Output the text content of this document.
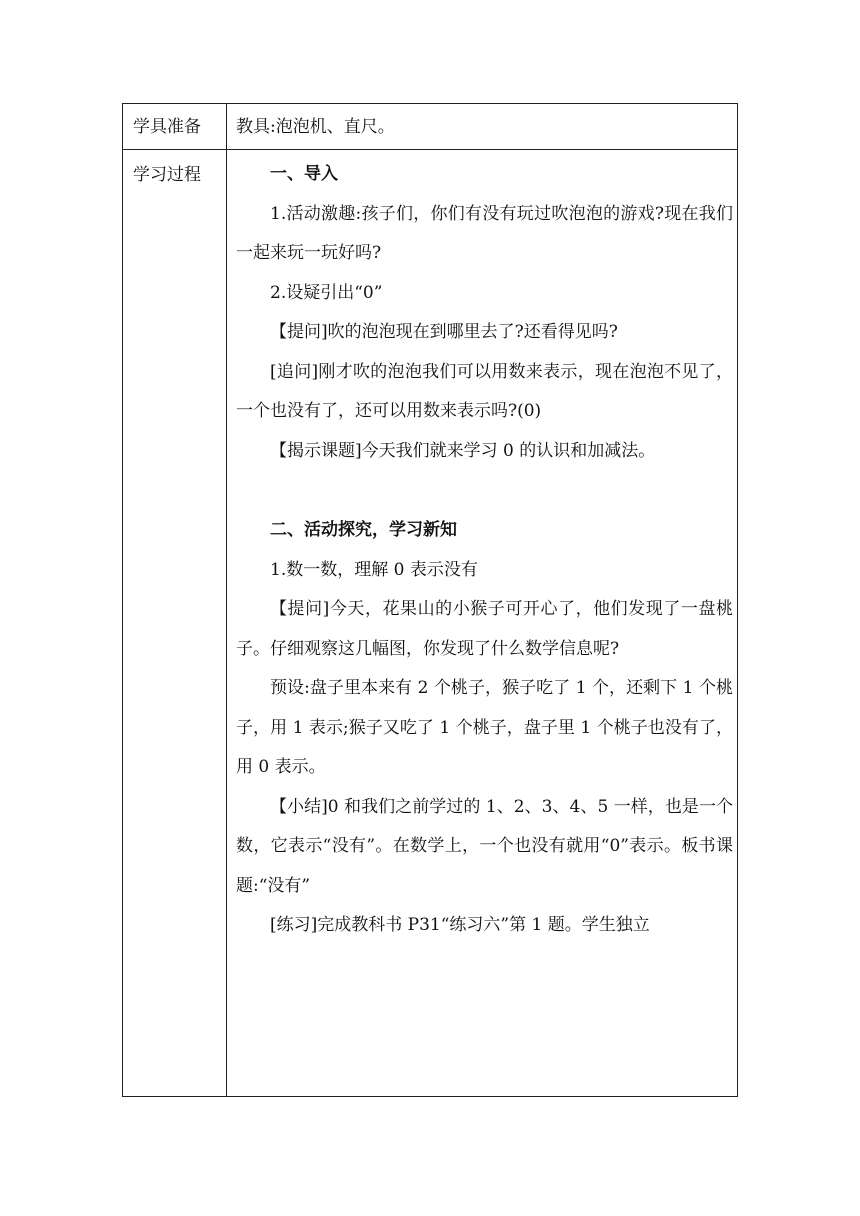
学具准备 教具:泡泡机、直尺。
学习过程	一、导入

1.活动激趣:孩子们，你们有没有玩过吹泡泡的游戏?现在我们一起来玩一玩好吗?

2.设疑引出“0”

【提问]吹的泡泡现在到哪里去了?还看得见吗?

[追问]刚才吹的泡泡我们可以用数来表示，现在泡泡不见了，一个也没有了，还可以用数来表示吗?(0)

【揭示课题]今天我们就来学习 0 的认识和加减法。

二、活动探究，学习新知

1.数一数，理解 0 表示没有

【提问]今天，花果山的小猴子可开心了，他们发现了一盘桃子。仔细观察这几幅图，你发现了什么数学信息呢?

预设:盘子里本来有 2 个桃子，猴子吃了 1 个，还剩下 1 个桃子，用 1 表示;猴子又吃了 1 个桃子，盘子里 1 个桃子也没有了，用 0 表示。

【小结]0 和我们之前学过的 1、2、3、4、5 一样，也是一个数，它表示“没有”。在数学上，一个也没有就用“0”表示。板书课题:“没有”

[练习]完成教科书 P31“练习六”第 1 题。学生独立
